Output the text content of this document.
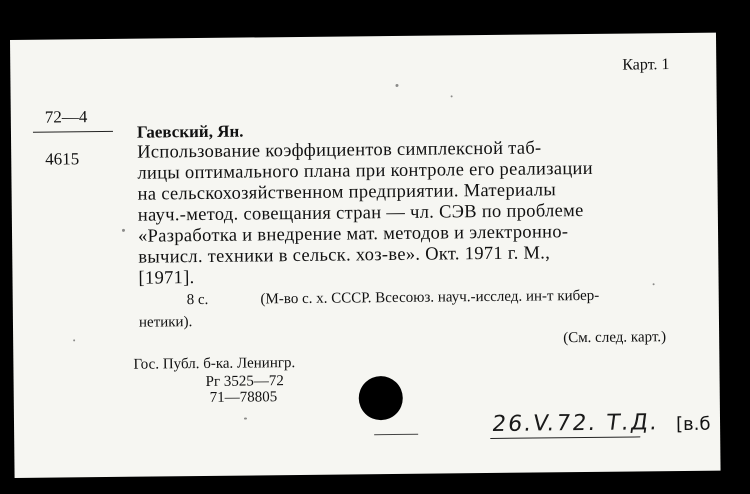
Карт. 1
72—4
4615
Гаевский, Ян.
Использование коэффициентов симплексной таб-
лицы оптимального плана при контроле его реализации
на сельскохозяйственном предприятии. Материалы
науч.-метод. совещания стран — чл. СЭВ по проблеме
«Разработка и внедрение мат. методов и электронно-
вычисл. техники в сельск. хоз-ве». Окт. 1971 г. М.,
[1971].
8 с.	(М-во с. х. СССР. Всесоюз. науч.-исслед. ин-т кибер-
нетики).
(См. след. карт.)
Гос. Публ. б-ка. Ленингр.
Рг 3525—72
71—78805
26.V.72. Т.Д. [в.б
